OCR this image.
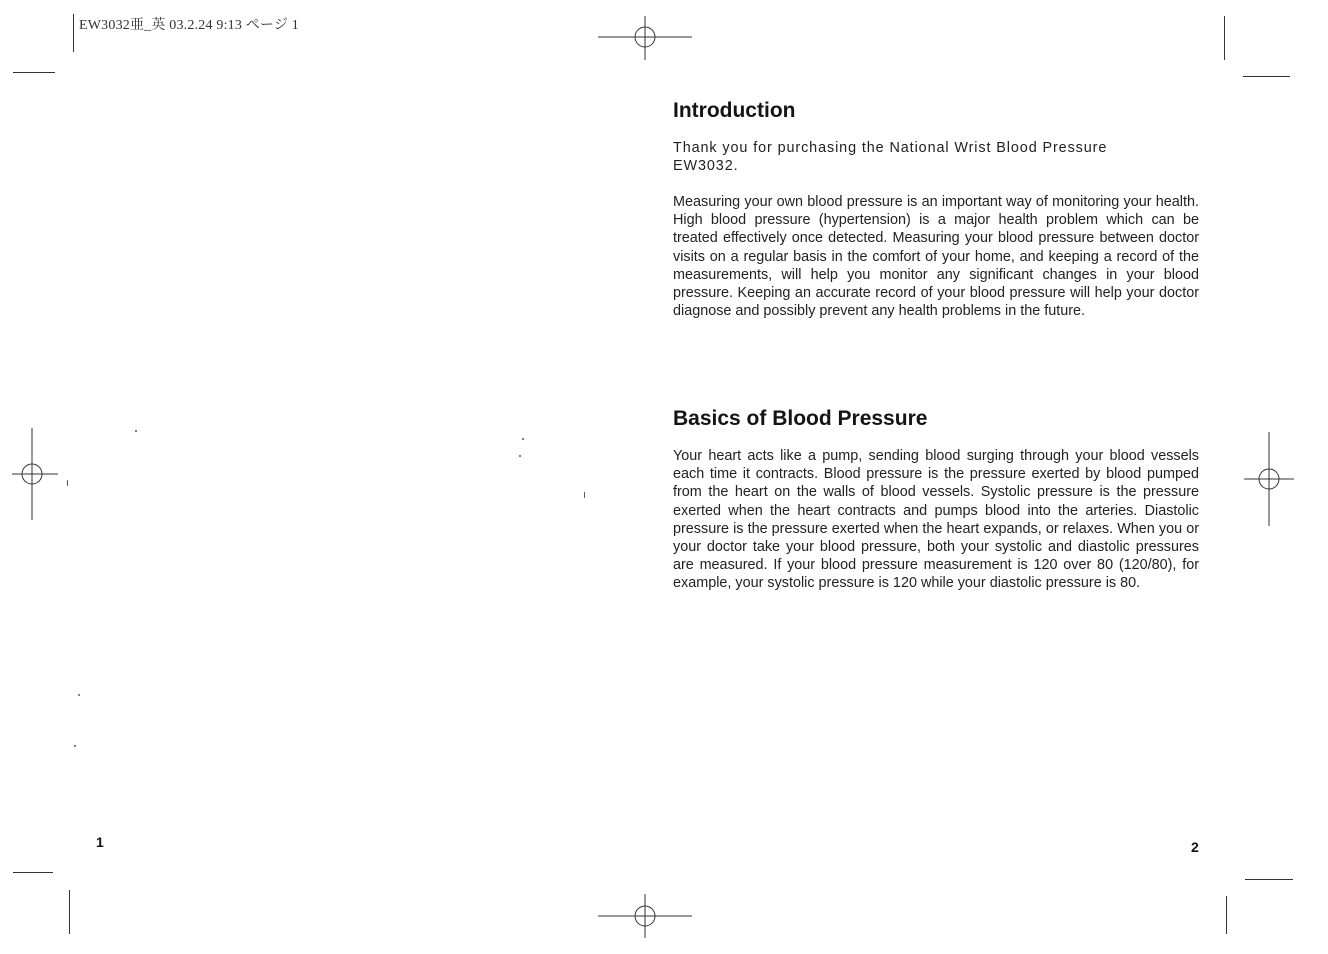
EW3032亜_英 03.2.24 9:13 ページ 1
1
Introduction

Thank you for purchasing the National Wrist Blood Pressure EW3032.

Measuring your own blood pressure is an important way of monitoring your health. High blood pressure (hypertension) is a major health problem which can be treated effectively once detected. Measuring your blood pressure between doctor visits on a regular basis in the comfort of your home, and keeping a record of the measurements, will help you monitor any significant changes in your blood pressure. Keeping an accurate record of your blood pressure will help your doctor diagnose and possibly prevent any health problems in the future.

Basics of Blood Pressure

Your heart acts like a pump, sending blood surging through your blood vessels each time it contracts. Blood pressure is the pressure exerted by blood pumped from the heart on the walls of blood vessels. Systolic pressure is the pressure exerted when the heart contracts and pumps blood into the arteries. Diastolic pressure is the pressure exerted when the heart expands, or relaxes. When you or your doctor take your blood pressure, both your systolic and diastolic pressures are measured. If your blood pressure measurement is 120 over 80 (120/80), for example, your systolic pressure is 120 while your diastolic pressure is 80.

2
